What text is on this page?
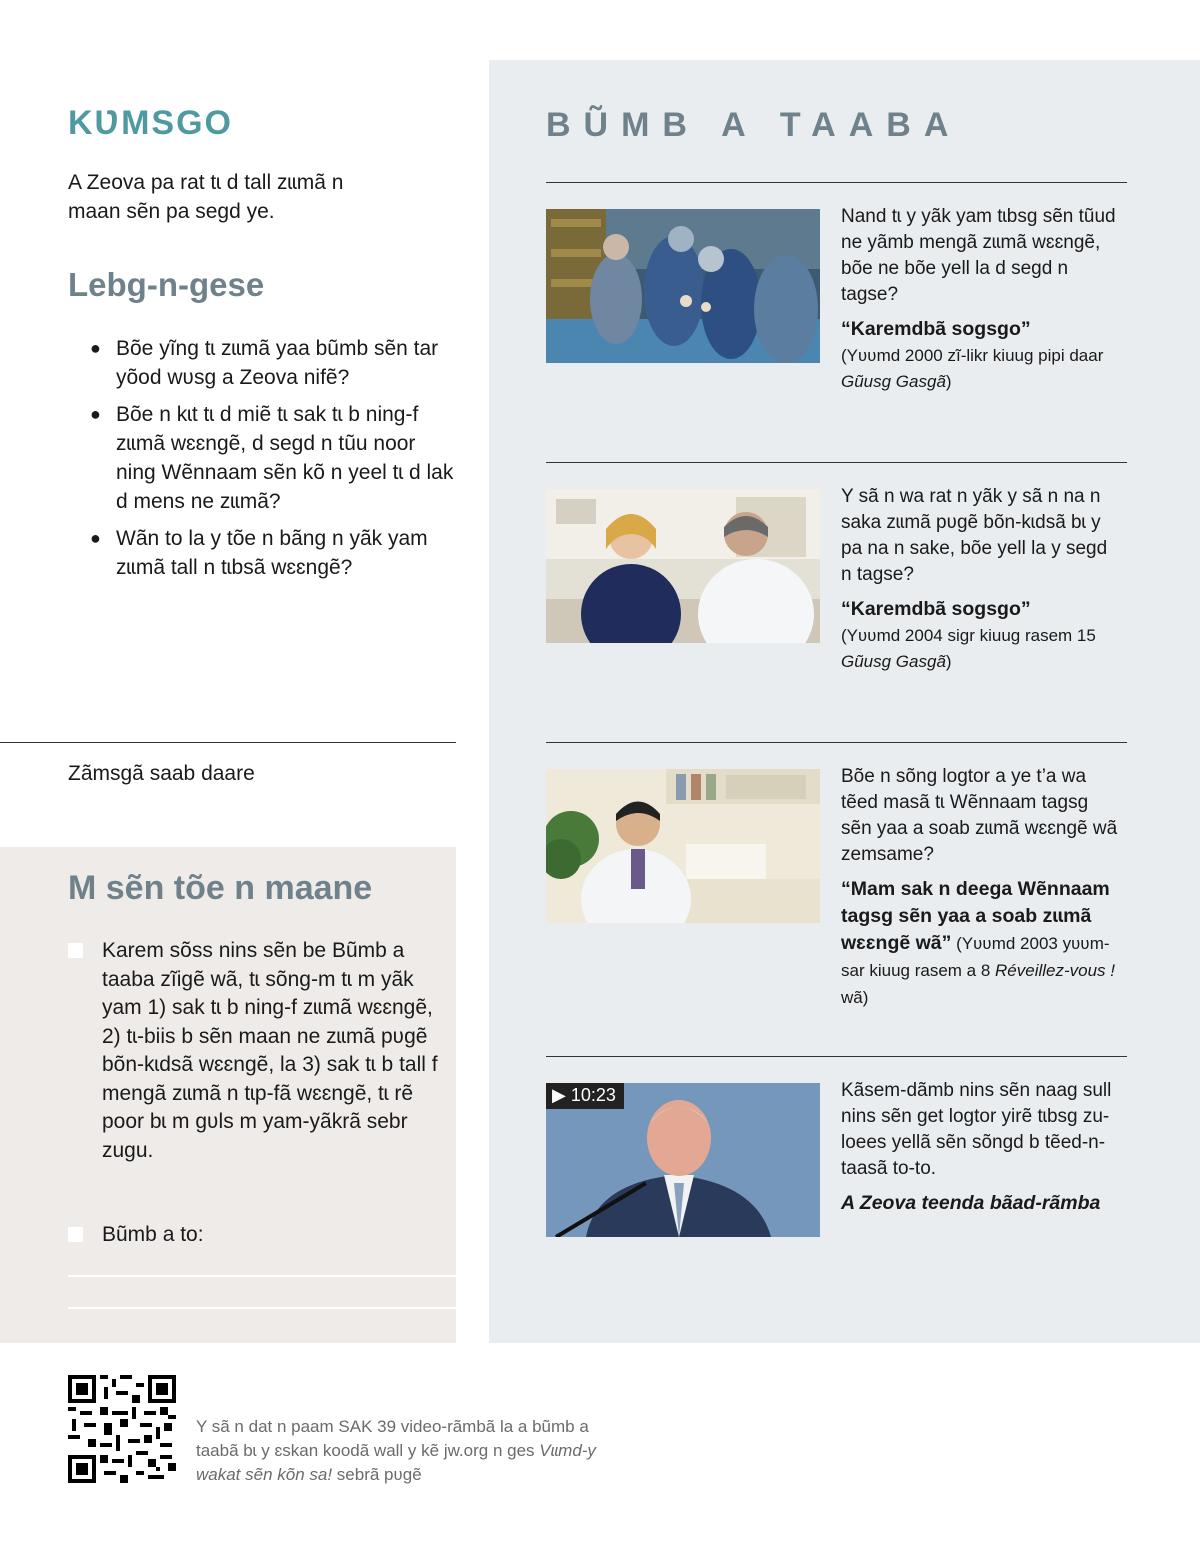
KƲMSGO
A Zeova pa rat tɩ d tall zɩɩmã n maan sẽn pa segd ye.
Lebg-n-gese
● Bõe yĩng tɩ zɩɩmã yaa bũmb sẽn tar yõod wʋsg a Zeova nifẽ?
● Bõe n kɩt tɩ d miẽ tɩ sak tɩ b ning-f zɩɩmã wɛɛngẽ, d segd n tũu noor ning Wẽnnaam sẽn kõ n yeel tɩ d lak d mens ne zɩɩmã?
● Wãn to la y tõe n bãng n yãk yam zɩɩmã tall n tɩbsã wɛɛngẽ?
Zãmsgã saab daare
M sẽn tõe n maane
Karem sõss nins sẽn be Bũmb a taaba zĩigẽ wã, tɩ sõng-m tɩ m yãk yam 1) sak tɩ b ning-f zɩɩmã wɛɛngẽ, 2) tɩ-biis b sẽn maan ne zɩɩmã pʋgẽ bõn-kɩdsã wɛɛngẽ, la 3) sak tɩ b tall f mengã zɩɩmã n tɩp-fã wɛɛngẽ, tɩ rẽ poor bɩ m gʋls m yam-yãkrã sebr zugu.
Bũmb a to:
BŨMB A TAABA
Nand tɩ y yãk yam tɩbsg sẽn tũud ne yãmb mengã zɩɩmã wɛɛngẽ, bõe ne bõe yell la d segd n tagse?
“Karemdbã sogsgo”
(Yʋʋmd 2000 zĩ-likr kiuug pipi daar Gũusg Gasgã)
Y sã n wa rat n yãk y sã n na n saka zɩɩmã pʋgẽ bõn-kɩdsã bɩ y pa na n sake, bõe yell la y segd n tagse?
“Karemdbã sogsgo”
(Yʋʋmd 2004 sigr kiuug rasem 15 Gũusg Gasgã)
Bõe n sõng logtor a ye t’a wa tẽed masã tɩ Wẽnnaam tagsg sẽn yaa a soab zɩɩmã wɛɛngẽ wã zemsame?
“Mam sak n deega Wẽnnaam tagsg sẽn yaa a soab zɩɩmã wɛɛngẽ wã” (Yʋʋmd 2003 yʋʋm-sar kiuug rasem a 8 Réveillez-vous ! wã)
▶ 10:23	Kãsem-dãmb nins sẽn naag sull nins sẽn get logtor yirẽ tɩbsg zu-loees yellã sẽn sõngd b tẽed-n-taasã to-to.
A Zeova teenda bãad-rãmba
Y sã n dat n paam SAK 39 video-rãmbã la a bũmb a taabã bɩ y ɛskan koodã wall y kẽ jw.org n ges Vɩɩmd-y wakat sẽn kõn sa! sebrã pʋgẽ
